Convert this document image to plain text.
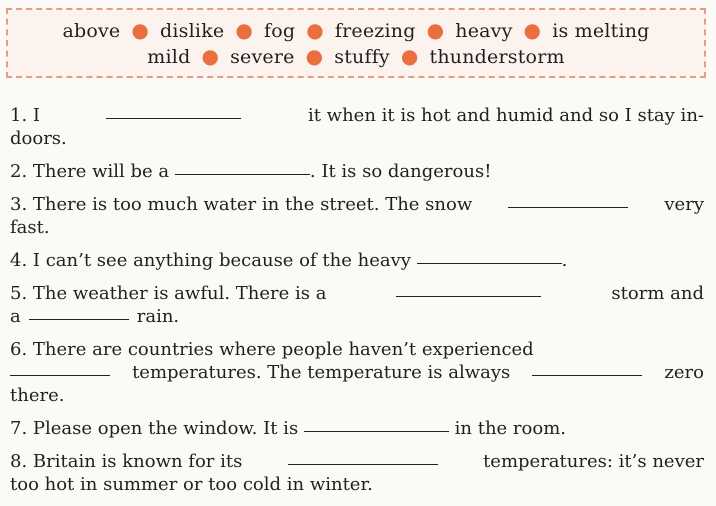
above ● dislike ● fog ● freezing ● heavy ● is melting
mild ● severe ● stuffy ● thunderstorm
1. I	it when it is hot and humid and so I stay in-
doors.
2. There will be a	. It is so dangerous!
3. There is too much water in the street. The snow	very
fast.
4. I can’t see anything because of the heavy	.
5. The weather is awful. There is a	storm and
a	rain.
6. There are countries where people haven’t experienced
temperatures. The temperature is always	zero
there.
7. Please open the window. It is	in the room.
8. Britain is known for its	temperatures: it’s never
too hot in summer or too cold in winter.
